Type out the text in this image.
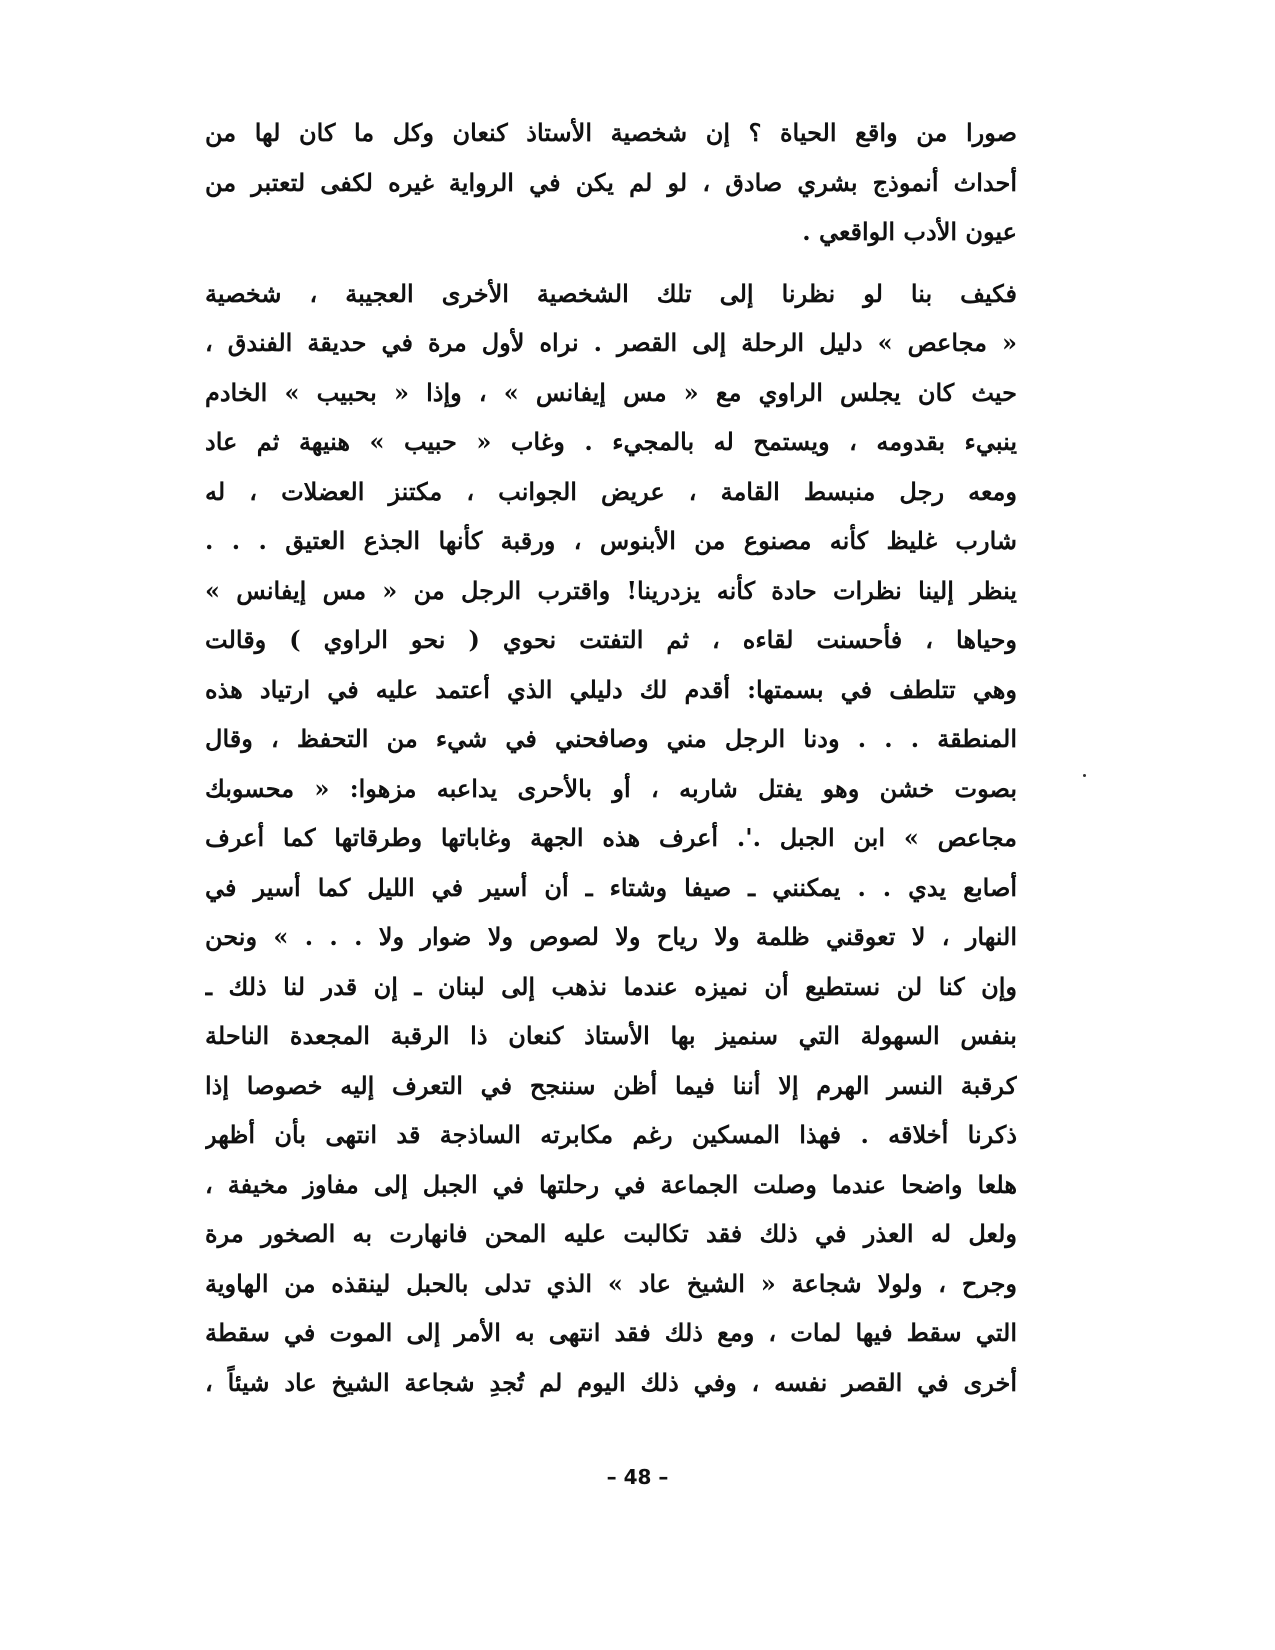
صورا من واقع الحياة ؟ إن شخصية الأستاذ كنعان وكل ما كان لها من
أحداث أنموذج بشري صادق ، لو لم يكن في الرواية غيره لكفى لتعتبر من
عيون الأدب الواقعي .
فكيف بنا لو نظرنا إلى تلك الشخصية الأخرى العجيبة ، شخصية
« مجاعص » دليل الرحلة إلى القصر . نراه لأول مرة في حديقة الفندق ،
حيث كان يجلس الراوي مع « مس إيفانس » ، وإذا « بحبيب » الخادم
ينبيء بقدومه ، ويستمح له بالمجيء . وغاب « حبيب » هنيهة ثم عاد
ومعه رجل منبسط القامة ، عريض الجوانب ، مكتنز العضلات ، له
شارب غليظ كأنه مصنوع من الأبنوس ، ورقبة كأنها الجذع العتيق . . .
ينظر إلينا نظرات حادة كأنه يزدرينا! واقترب الرجل من « مس إيفانس »
وحياها ، فأحسنت لقاءه ، ثم التفتت نحوي ( نحو الراوي ) وقالت
وهي تتلطف في بسمتها: أقدم لك دليلي الذي أعتمد عليه في ارتياد هذه
المنطقة . . . ودنا الرجل مني وصافحني في شيء من التحفظ ، وقال
بصوت خشن وهو يفتل شاربه ، أو بالأحرى يداعبه مزهوا: « محسوبك
مجاعص » ابن الجبل .'. أعرف هذه الجهة وغاباتها وطرقاتها كما أعرف
أصابع يدي . . يمكنني ـ صيفا وشتاء ـ أن أسير في الليل كما أسير في
النهار ، لا تعوقني ظلمة ولا رياح ولا لصوص ولا ضوار ولا . . . » ونحن
وإن كنا لن نستطيع أن نميزه عندما نذهب إلى لبنان ـ إن قدر لنا ذلك ـ
بنفس السهولة التي سنميز بها الأستاذ كنعان ذا الرقبة المجعدة الناحلة
كرقبة النسر الهرم إلا أننا فيما أظن سننجح في التعرف إليه خصوصا إذا
ذكرنا أخلاقه . فهذا المسكين رغم مكابرته الساذجة قد انتهى بأن أظهر
هلعا واضحا عندما وصلت الجماعة في رحلتها في الجبل إلى مفاوز مخيفة ،
ولعل له العذر في ذلك فقد تكالبت عليه المحن فانهارت به الصخور مرة
وجرح ، ولولا شجاعة « الشيخ عاد » الذي تدلى بالحبل لينقذه من الهاوية
التي سقط فيها لمات ، ومع ذلك فقد انتهى به الأمر إلى الموت في سقطة
أخرى في القصر نفسه ، وفي ذلك اليوم لم تُجدِ شجاعة الشيخ عاد شيئاً ،
– 48 –
